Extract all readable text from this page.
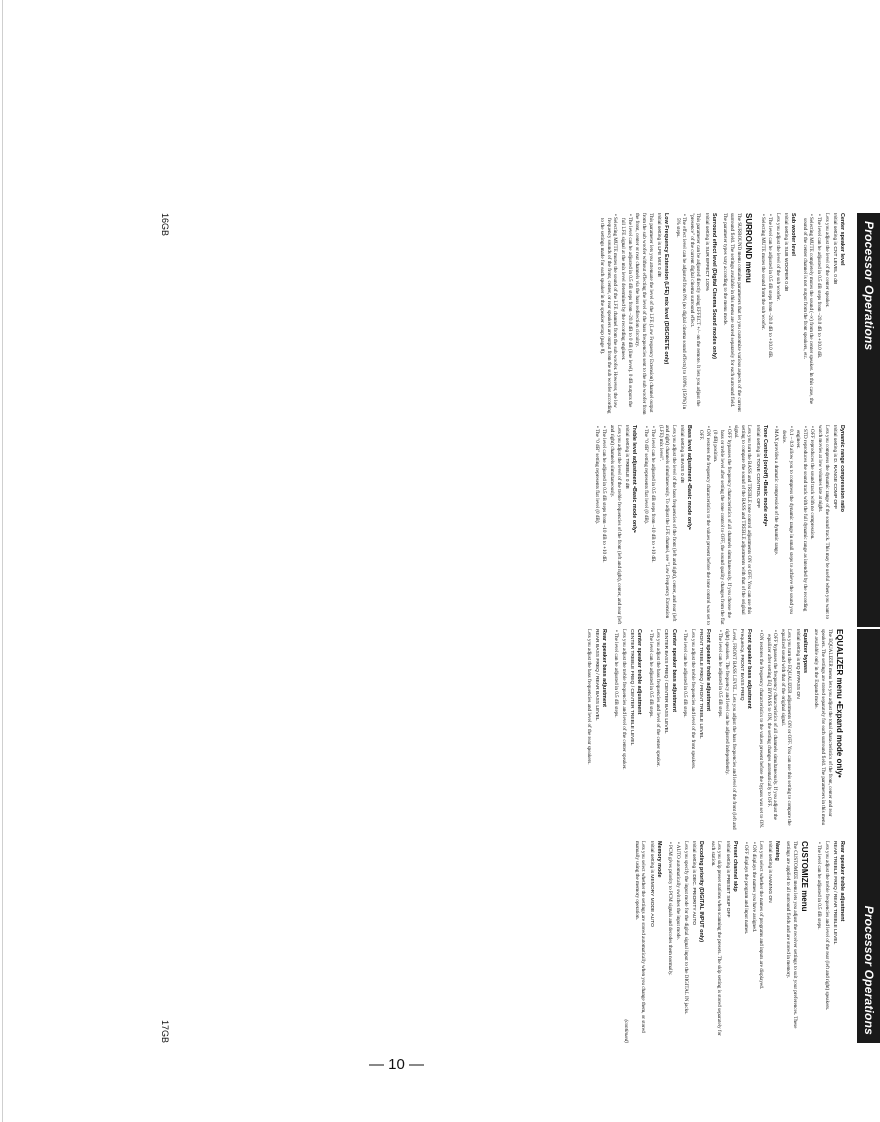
Processor Operations

Center speaker level

Initial setting is CNT LEVEL 0 dB

Lets you adjust the level of the center speaker.

• The level can be adjusted in 0.5 dB steps from –20.0 dB to +10.0 dB.

• Selecting MUTE completely mutes the sound (–∞) from the center speaker. In this case, the sound of the center channel is not output from the front speakers, etc.

Sub woofer level

Initial setting is SUB WOOFER 0 dB

Lets you adjust the level of the sub woofer.

• The level can be adjusted in 0.5 dB steps from –20.0 dB to +10.0 dB.

• Selecting MUTE mutes the sound from the sub woofer.

SURROUND menu

The SURROUND menu contains parameters that let you customize various aspects of the current surround field. The settings available in this menu are stored separately for each surround field. The parameter types vary according to the menu mode.

Surround effect level (Digital Cinema Sound modes only)

Initial setting is SUR EFFECT 100%

This parameter can be adjusted directly using EFFECT +/– on the remote. It lets you adjust the "presence" of the current digital cinema surround effect.

• The effect level can be adjusted from 0% (no digital cinema sound effects) to 100% (150%) in 5% steps.

Low Frequency Extension (LFE) mix level (DISCRETE only)

Initial setting is LFE MIX 0 dB

This parameter lets you attenuate the level of the LFE (Low Frequency Extension) channel output from the sub woofer without effecting the level of the bass frequencies sent to the sub woofer from the front, center or rear channels via the bass redirection circuitry.

• The level can be adjusted in 0.5 dB steps from –20.0 dB to 0 dB (line level). 0 dB outputs the full LFE signal at the mix level determined by the recording engineer.

• Selecting MUTE mutes the sound of the LFE channel from the sub woofer. However, the low frequency sounds of the front, center, or rear speakers are output from the sub woofer according to the settings made for each speaker in the speaker setup (page 8).

Dynamic range compression ratio

Initial setting is D. RANGE COMP OFF

Lets you compress the dynamic range of the sound track. This may be useful when you want to watch movies at low volumes late at night.

• OFF reproduces the sound track with no compression.

• STD reproduces the sound track with the full dynamic range as intended by the recording engineer.

• 0.1 – 0.9 allow you to compress the dynamic range in small steps to achieve the sound you desire.

• MAX provides a dramatic compression of the dynamic range.

Tone Control (on/off) •Basic mode only•

Initial setting is TONE CONTROL OFF

Lets you turn the BASS and TREBLE tone control adjustments ON or OFF. You can use this setting to compare the sound of the BASS and TREBLE adjustments with that of the original signal.

• OFF bypasses the frequency characteristics of all channels simultaneously. If you choose the bass or treble level after setting the tone control to OFF, the sound quality changes from the flat (0 dB) position.

• ON restores the frequency characteristics to the values present before the tone control was set to OFF.

Bass level adjustment •Basic mode only•

Initial setting is BASS 0 dB

Lets you adjust the level of the bass frequencies of the front (left and right), center, and rear (left and right) channels simultaneously. To adjust the LFE channel, see "Low Frequency Extension (LFE) mix level".

• The level can be adjusted in 0.5 dB steps from –10 dB to +10 dB.

• The "0 dB" setting represents flat level (0 dB).

Treble level adjustment •Basic mode only•

Initial setting is TREBLE 0 dB

Lets you adjust the level of the treble frequencies of the front (left and right), center, and rear (left and right) channels simultaneously.

• The level can be adjusted in 0.5 dB steps from –10 dB to +10 dB.

• The "0 dB" setting represents flat level (0 dB).

16GB
Processor Operations

EQUALIZER menu •Expand mode only•

The EQUALIZER menu lets you adjust the tonal characteristics of the front, center and rear speakers. The settings are stored separately for each surround field. The parameters in this menu are available only in the Expand mode.

Equalizer bypass

Initial setting is EQ BYPASS ON

Lets you turn the EQUALIZER adjustments ON or OFF. You can use this setting to compare the equalized sound with that of the original signal.

• OFF bypasses the frequency characteristics of all channels simultaneously. If you adjust the equalizer after setting EQ BYPASS to ON, the setting changes automatically to OFF.

• ON restores the frequency characteristics to the values present before the bypass was set to ON.

Front speaker bass adjustment

Frequency, FRONT BASS FREQ

Level, FRONT BASS LEVEL. Lets you adjust the bass frequencies and level of the front (left and right) speakers. The frequency and level can be adjusted independently.

• The level can be adjusted in 0.5 dB steps.

Front speaker treble adjustment

FRONT TREBLE FREQ / FRONT TREBLE LEVEL

Lets you adjust the treble frequencies and level of the front speakers.

• The level can be adjusted in 0.5 dB steps.

Center speaker bass adjustment

CENTER BASS FREQ / CENTER BASS LEVEL

Lets you adjust the bass frequencies and level of the center speaker.

• The level can be adjusted in 0.5 dB steps.

Center speaker treble adjustment

CENTER TREBLE FREQ / CENTER TREBLE LEVEL

Lets you adjust the treble frequencies and level of the center speaker.

• The level can be adjusted in 0.5 dB steps.

Rear speaker bass adjustment

REAR BASS FREQ / REAR BASS LEVEL

Lets you adjust the bass frequencies and level of the rear speakers.

Rear speaker treble adjustment

REAR TREBLE FREQ / REAR TREBLE LEVEL

Lets you adjust the treble frequencies and level of the rear (left and right) speakers.

• The level can be adjusted in 0.5 dB steps.

CUSTOMIZE menu

The CUSTOMIZE menu lets you adjust the receiver settings to suit your preferences. These settings are applied to all surround fields and are stored in memory.

Naming

Initial setting is NAMING ON

Lets you select whether the names of programs and inputs are displayed.

• ON displays the names you have assigned.

• OFF displays the program and input names.

Preset channel skip

Initial setting is PRESET SKIP OFF

Lets you skip preset stations when scanning the presets. The skip setting is stored separately for each station.

Decoding priority (DIGITAL INPUT only)

Initial setting is DEC. PRIORITY AUTO

Lets you specify the input mode for the digital signal input to the DIGITAL IN jacks.

• AUTO automatically switches the input mode.

• PCM gives priority to PCM signals and decodes them normally.

Memory mode

Initial setting is MEMORY MODE AUTO

Lets you select whether the settings are stored automatically when you change them, or stored manually using the memory operation.

(continued)

17GB
— 10 —
